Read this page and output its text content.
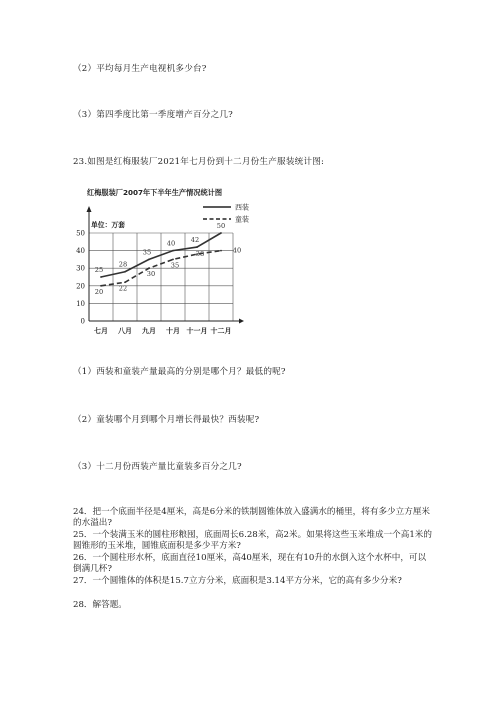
（2）平均每月生产电视机多少台?
（3）第四季度比第一季度增产百分之几?
23.如图是红梅服装厂2021年七月份到十二月份生产服装统计图:
红梅服装厂2007年下半年生产情况统计图
西装
童装
单位：万套
0
10
20
30
40
50
七月 八月 九月 十月 十一月 十二月
25
28
35
40 42
50
20 22
30
35
38	40
（1）西装和童装产量最高的分别是哪个月？最低的呢?
（2）童装哪个月到哪个月增长得最快？西装呢?
（3）十二月份西装产量比童装多百分之几?
24．把一个底面半径是4厘米，高是6分米的铁制圆锥体放入盛满水的桶里，将有多少立方厘米的水溢出?
25．一个装满玉米的圆柱形粮囤，底面周长6.28米，高2米。如果将这些玉米堆成一个高1米的圆锥形的玉米堆，圆锥底面积是多少平方米?
26．一个圆柱形水杯，底面直径10厘米，高40厘米，现在有10升的水倒入这个水杯中，可以倒满几杯?
27．一个圆锥体的体积是15.7立方分米，底面积是3.14平方分米，它的高有多少分米?
28．解答题。
